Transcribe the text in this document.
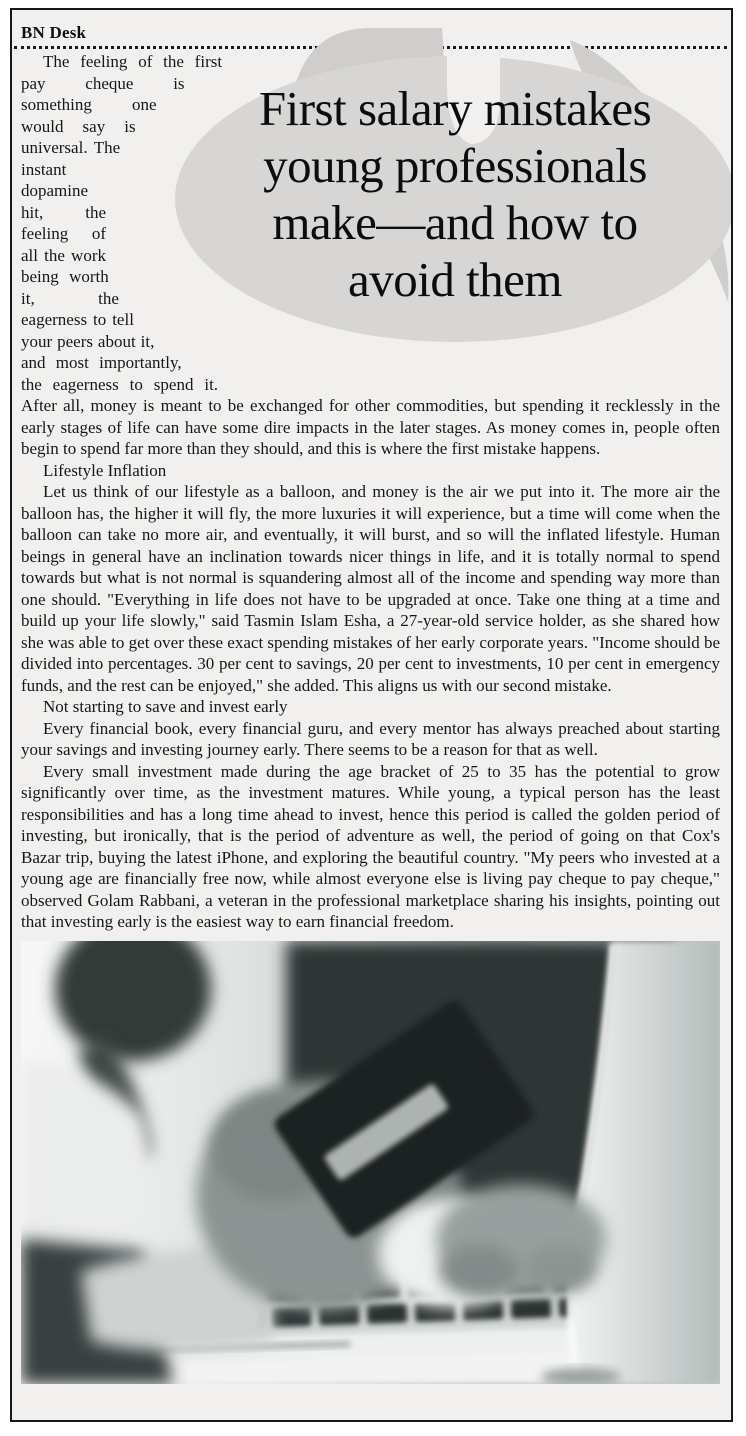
BN Desk
First salary mistakes
young professionals
make—and how to
avoid them

The feeling of the first pay cheque is something one would say is universal. The instant dopamine hit, the feeling of all the work being worth it, the eagerness to tell your peers about it, and most importantly, the eagerness to spend it. After all, money is meant to be exchanged for other commodities, but spending it recklessly in the early stages of life can have some dire impacts in the later stages. As money comes in, people often begin to spend far more than they should, and this is where the first mistake happens.

Lifestyle Inflation

Let us think of our lifestyle as a balloon, and money is the air we put into it. The more air the balloon has, the higher it will fly, the more luxuries it will experience, but a time will come when the balloon can take no more air, and eventually, it will burst, and so will the inflated lifestyle. Human beings in general have an inclination towards nicer things in life, and it is totally normal to spend towards but what is not normal is squandering almost all of the income and spending way more than one should. "Everything in life does not have to be upgraded at once. Take one thing at a time and build up your life slowly," said Tasmin Islam Esha, a 27-year-old service holder, as she shared how she was able to get over these exact spending mistakes of her early corporate years. "Income should be divided into percentages. 30 per cent to savings, 20 per cent to investments, 10 per cent in emergency funds, and the rest can be enjoyed," she added. This aligns us with our second mistake.

Not starting to save and invest early

Every financial book, every financial guru, and every mentor has always preached about starting your savings and investing journey early. There seems to be a reason for that as well.

Every small investment made during the age bracket of 25 to 35 has the potential to grow significantly over time, as the investment matures. While young, a typical person has the least responsibilities and has a long time ahead to invest, hence this period is called the golden period of investing, but ironically, that is the period of adventure as well, the period of going on that Cox's Bazar trip, buying the latest iPhone, and exploring the beautiful country. "My peers who invested at a young age are financially free now, while almost everyone else is living pay cheque to pay cheque," observed Golam Rabbani, a veteran in the professional marketplace sharing his insights, pointing out that investing early is the easiest way to earn financial freedom.
